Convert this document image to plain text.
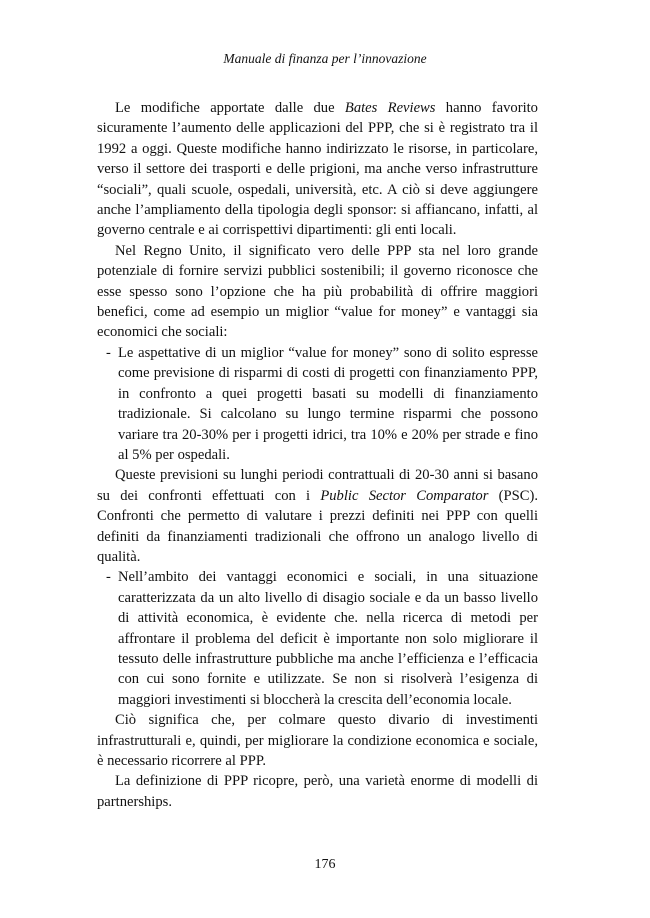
Manuale di finanza per l’innovazione

Le modifiche apportate dalle due Bates Reviews hanno favorito sicuramente l’aumento delle applicazioni del PPP, che si è registrato tra il 1992 a oggi. Queste modifiche hanno indirizzato le risorse, in particolare, verso il settore dei trasporti e delle prigioni, ma anche verso infrastrutture “sociali”, quali scuole, ospedali, università, etc. A ciò si deve aggiungere anche l’ampliamento della tipologia degli sponsor: si affiancano, infatti, al governo centrale e ai corrispettivi dipartimenti: gli enti locali.

Nel Regno Unito, il significato vero delle PPP sta nel loro grande potenziale di fornire servizi pubblici sostenibili; il governo riconosce che esse spesso sono l’opzione che ha più probabilità di offrire maggiori benefici, come ad esempio un miglior “value for money” e vantaggi sia economici che sociali:

- Le aspettative di un miglior “value for money” sono di solito espresse come previsione di risparmi di costi di progetti con finanziamento PPP, in confronto a quei progetti basati su modelli di finanziamento tradizionale. Si calcolano su lungo termine risparmi che possono variare tra 20-30% per i progetti idrici, tra 10% e 20% per strade e fino al 5% per ospedali.

Queste previsioni su lunghi periodi contrattuali di 20-30 anni si basano su dei confronti effettuati con i Public Sector Comparator (PSC). Confronti che permetto di valutare i prezzi definiti nei PPP con quelli definiti da finanziamenti tradizionali che offrono un analogo livello di qualità.

- Nell’ambito dei vantaggi economici e sociali, in una situazione caratterizzata da un alto livello di disagio sociale e da un basso livello di attività economica, è evidente che. nella ricerca di metodi per affrontare il problema del deficit è importante non solo migliorare il tessuto delle infrastrutture pubbliche ma anche l’efficienza e l’efficacia con cui sono fornite e utilizzate. Se non si risolverà l’esigenza di maggiori investimenti si bloccherà la crescita dell’economia locale.

Ciò significa che, per colmare questo divario di investimenti infrastrutturali e, quindi, per migliorare la condizione economica e sociale, è necessario ricorrere al PPP.

La definizione di PPP ricopre, però, una varietà enorme di modelli di partnerships.

176
